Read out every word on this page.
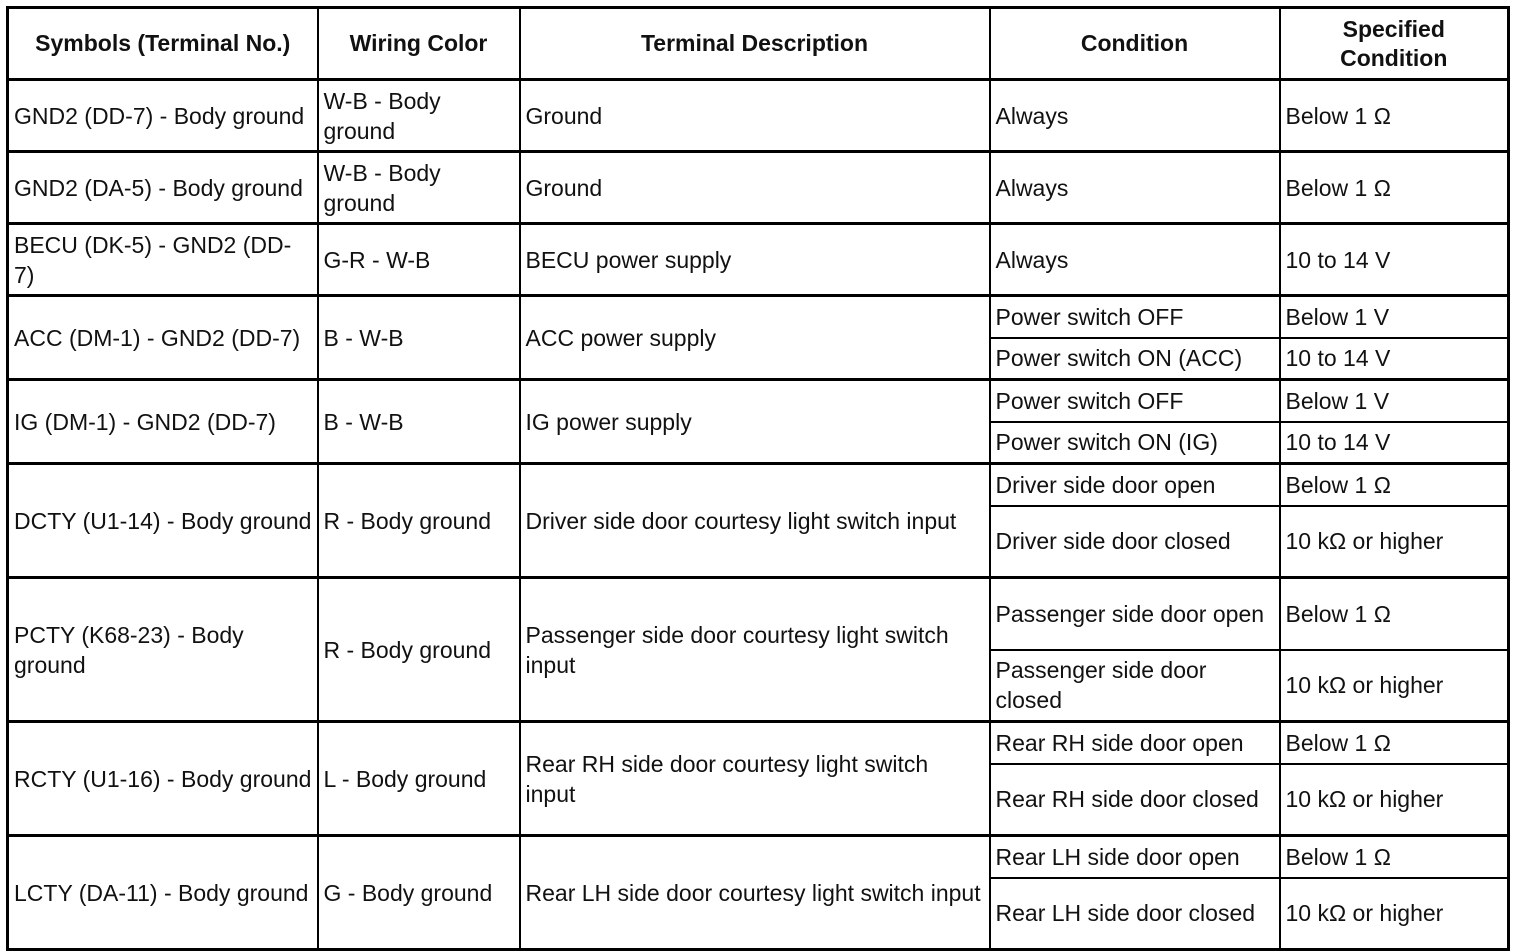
Symbols (Terminal No.)	Wiring Color	Terminal Description	Condition	Specified
Condition
GND2 (DD-7) - Body ground	W-B - Body ground	Ground	Always	Below 1 Ω
GND2 (DA-5) - Body ground	W-B - Body ground	Ground	Always	Below 1 Ω
BECU (DK-5) - GND2 (DD-7)	G-R - W-B	BECU power supply	Always	10 to 14 V
ACC (DM-1) - GND2 (DD-7)	B - W-B	ACC power supply	Power switch OFF	Below 1 V
			Power switch ON (ACC)	10 to 14 V
IG (DM-1) - GND2 (DD-7)	B - W-B	IG power supply	Power switch OFF	Below 1 V
			Power switch ON (IG)	10 to 14 V
DCTY (U1-14) - Body ground	R - Body ground	Driver side door courtesy light switch input	Driver side door open	Below 1 Ω
			Driver side door closed	10 kΩ or higher
PCTY (K68-23) - Body ground	R - Body ground	Passenger side door courtesy light switch input	Passenger side door open	Below 1 Ω
			Passenger side door closed	10 kΩ or higher
RCTY (U1-16) - Body ground	L - Body ground	Rear RH side door courtesy light switch input	Rear RH side door open	Below 1 Ω
			Rear RH side door closed	10 kΩ or higher
LCTY (DA-11) - Body ground	G - Body ground	Rear LH side door courtesy light switch input	Rear LH side door open	Below 1 Ω
			Rear LH side door closed	10 kΩ or higher
